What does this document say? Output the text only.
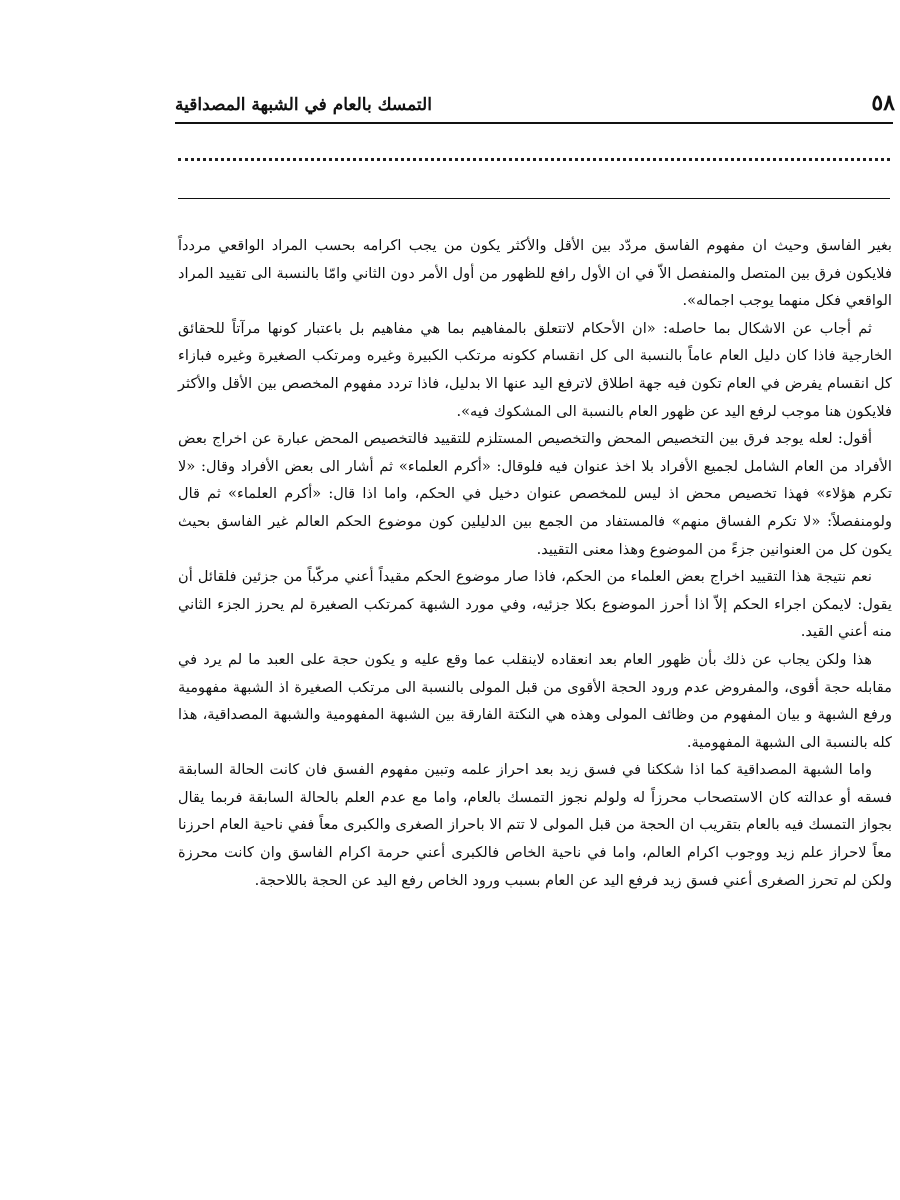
٥٨
التمسك بالعام في الشبهة المصداقية

بغير الفاسق وحيث ان مفهوم الفاسق مردّد بين الأقل والأكثر يكون من يجب اكرامه بحسب المراد الواقعي مردداً فلايكون فرق بين المتصل والمنفصل الاّ في ان الأول رافع للظهور من أول الأمر دون الثاني وامّا بالنسبة الى تقييد المراد الواقعي فكل منهما يوجب اجماله».

ثم أجاب عن الاشكال بما حاصله: «ان الأحكام لاتتعلق بالمفاهيم بما هي مفاهيم بل باعتبار كونها مرآتاً للحقائق الخارجية فاذا كان دليل العام عاماً بالنسبة الى كل انقسام ككونه مرتكب الكبيرة وغيره ومرتكب الصغيرة وغيره فبازاء كل انقسام يفرض في العام تكون فيه جهة اطلاق لاترفع اليد عنها الا بدليل، فاذا تردد مفهوم المخصص بين الأقل والأكثر فلايكون هنا موجب لرفع اليد عن ظهور العام بالنسبة الى المشكوك فيه».

أقول: لعله يوجد فرق بين التخصيص المحض والتخصيص المستلزم للتقييد فالتخصيص المحض عبارة عن اخراج بعض الأفراد من العام الشامل لجميع الأفراد بلا اخذ عنوان فيه فلوقال: «أكرم العلماء» ثم أشار الى بعض الأفراد وقال: «لا تكرم هؤلاء» فهذا تخصيص محض اذ ليس للمخصص عنوان دخيل في الحكم، واما اذا قال: «أكرم العلماء» ثم قال ولومنفصلاً: «لا تكرم الفساق منهم» فالمستفاد من الجمع بين الدليلين كون موضوع الحكم العالم غير الفاسق بحيث يكون كل من العنوانين جزءً من الموضوع وهذا معنى التقييد.

نعم نتيجة هذا التقييد اخراج بعض العلماء من الحكم، فاذا صار موضوع الحكم مقيداً أعني مركّباً من جزئين فلقائل أن يقول: لايمكن اجراء الحكم إلاّ اذا أحرز الموضوع بكلا جزئيه، وفي مورد الشبهة كمرتكب الصغيرة لم يحرز الجزء الثاني منه أعني القيد.

هذا ولكن يجاب عن ذلك بأن ظهور العام بعد انعقاده لاينقلب عما وقع عليه و يكون حجة على العبد ما لم يرد في مقابله حجة أقوى، والمفروض عدم ورود الحجة الأقوى من قبل المولى بالنسبة الى مرتكب الصغيرة اذ الشبهة مفهومية ورفع الشبهة و بيان المفهوم من وظائف المولى وهذه هي النكتة الفارقة بين الشبهة المفهومية والشبهة المصداقية، هذا كله بالنسبة الى الشبهة المفهومية.

واما الشبهة المصداقية كما اذا شككنا في فسق زيد بعد احراز علمه وتبين مفهوم الفسق فان كانت الحالة السابقة فسقه أو عدالته كان الاستصحاب محرزاً له ولولم نجوز التمسك بالعام، واما مع عدم العلم بالحالة السابقة فربما يقال بجواز التمسك فيه بالعام بتقريب ان الحجة من قبل المولى لا تتم الا باحراز الصغرى والكبرى معاً ففي ناحية العام احرزنا معاً لاحراز علم زيد ووجوب اكرام العالم، واما في ناحية الخاص فالكبرى أعني حرمة اكرام الفاسق وان كانت محرزة ولكن لم تحرز الصغرى أعني فسق زيد فرفع اليد عن العام بسبب ورود الخاص رفع اليد عن الحجة باللاحجة.
